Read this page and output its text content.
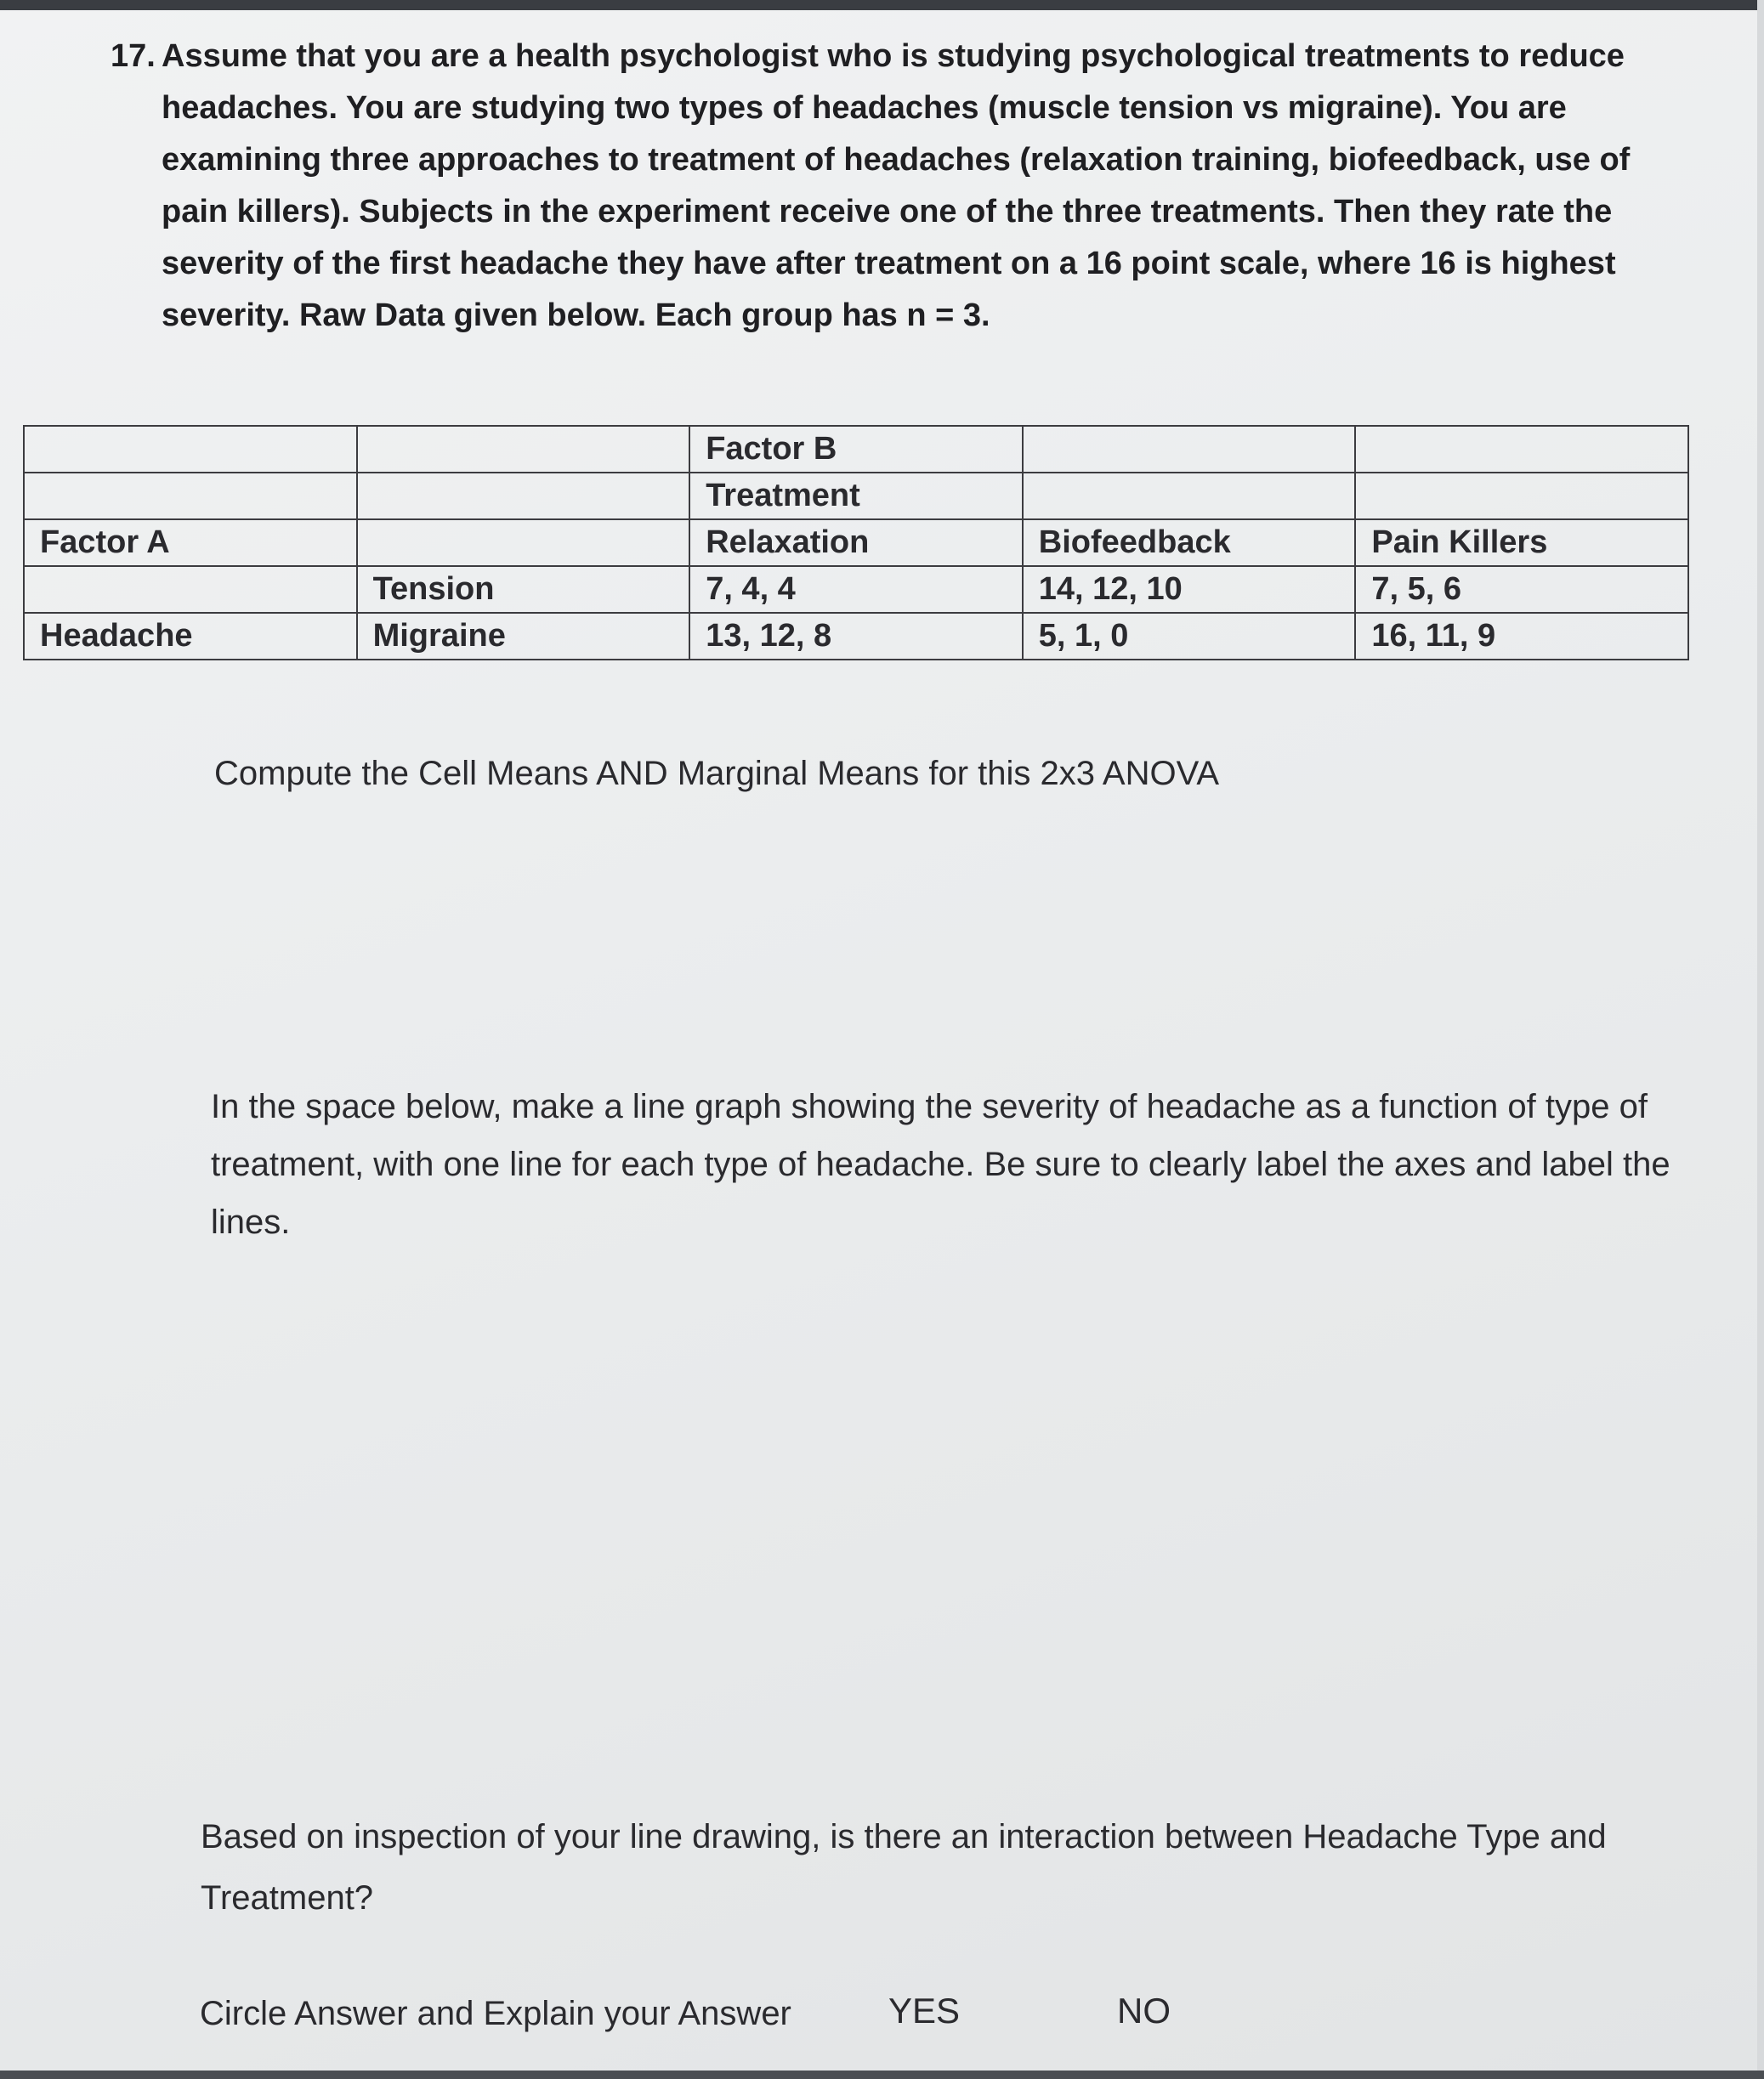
17. Assume that you are a health psychologist who is studying psychological treatments to reduce headaches. You are studying two types of headaches (muscle tension vs migraine). You are examining three approaches to treatment of headaches (relaxation training, biofeedback, use of pain killers). Subjects in the experiment receive one of the three treatments. Then they rate the severity of the first headache they have after treatment on a 16 point scale, where 16 is highest severity. Raw Data given below. Each group has n = 3.
		Factor B		
		Treatment		
Factor A		Relaxation	Biofeedback	Pain Killers
	Tension	7, 4, 4	14, 12, 10	7, 5, 6
Headache	Migraine	13, 12, 8	5, 1, 0	16, 11, 9
Compute the Cell Means AND Marginal Means for this 2x3 ANOVA
In the space below, make a line graph showing the severity of headache as a function of type of treatment, with one line for each type of headache. Be sure to clearly label the axes and label the lines.
Based on inspection of your line drawing, is there an interaction between Headache Type and Treatment?
Circle Answer and Explain your Answer	YES	NO
